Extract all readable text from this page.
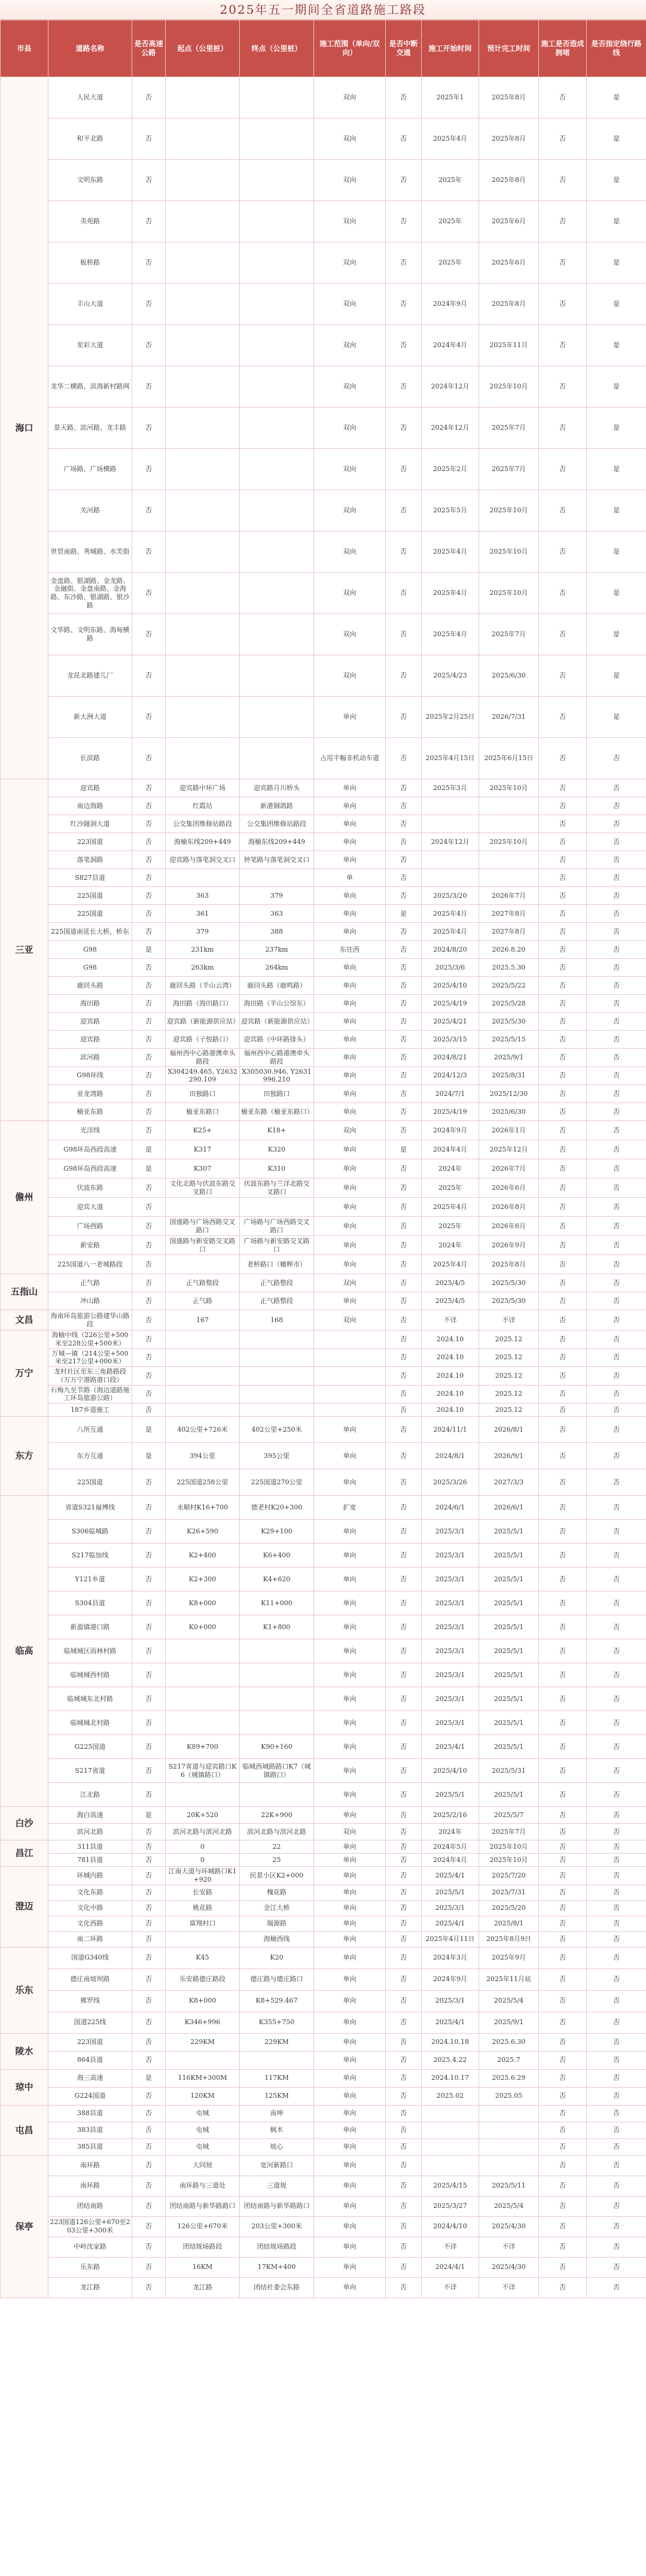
2025年五一期间全省道路施工路段
市县	道路名称	是否高速公路	起点（公里桩）	终点（公里桩）	施工范围（单向/双向）	是否中断交通	施工开始时间	预计完工时间	施工是否造成拥堵	是否指定绕行路线
海口	人民大道	否			双向	否	2025年1	2025年8月	否	是
	和平北路	否			双向	否	2025年4月	2025年8月	否	是
	文明东路	否			双向	否	2025年	2025年8月	否	是
	美苑路	否			双向	否	2025年	2025年6月	否	是
	板桥路	否			双向	否	2025年	2025年6月	否	是
	丰山大道	否			双向	否	2024年9月	2025年8月	否	是
	星彩大道	否			双向	否	2024年4月	2025年11月	否	是
	龙华二横路、滨海新村路网	否			双向	否	2024年12月	2025年10月	否	是
	景天路、滨河路、龙丰路	否			双向	否	2024年12月	2025年7月	否	是
	广场路、广场横路	否			双向	否	2025年2月	2025年7月	否	是
	关河路	否			双向	否	2025年5月	2025年10月	否	是
	世贸南路、秀城路、水芙街	否			双向	否	2025年4月	2025年10月	否	是
	金盘路、银湖路、金龙路、金融街、金盘南路、金海路、东沙路、银湖路、银沙路	否			双向	否	2025年4月	2025年10月	否	是
	文华路、文明东路、海甸横路	否			双向	否	2025年4月	2025年7月	否	是
	龙昆北路建儿厂	否			双向	否	2025/4/23	2025/6/30	否	是
	新大洲大道	否			单向	否	2025年2月25日	2026/7/31	否	是
	长滨路	否			占用半幅非机动车道	否	2025年4月15日	2025年6月15日	否	否
三亚	迎宾路	否	迎宾路中环广场	迎宾路月川桥头	单向	否	2025年3月	2025年10月	否	否
	南边海路	否	红霞站	新港铜鸽路	单向	否			否	否
	红沙隧洞大道	否	公交集团维修站路段	公交集团维修站路段	单向	否			否	否
	223国道	否	海榆东线209+449	海榆东线209+449	单向	否	2024年12月	2025年10月	否	否
	落笔洞路	否	迎宾路与落笔洞交叉口	钟笔路与落笔洞交叉口	单向	否			否	否
	S827县道	否			单	否			否	否
	225国道	否	363	379	单向	否	2025/3/20	2026年7月	否	否
	225国道	否	361	363	单向	是	2025年4月	2027年8月	否	否
	225国道南延长大桥、桥东	否	379	388	单向	否	2025年4月	2027年8月	否	否
	G98	是	231km	237km	东往西	否	2024/8/20	2026.8.20	否	否
	G98	否	263km	264km	单向	否	2025/3/6	2025.5.30	否	否
	鹿回头路	否	鹿回头路（半山云湾）	鹿回头路（鹿鸣路）	单向	否	2025/4/10	2025/5/22	否	否
	海田路	否	海田路（海田路口）	海田路（半山公馆东）	单向	否	2025/4/19	2025/5/28	否	否
	迎宾路	否	迎宾路（新能源供应站）	迎宾路（新能源供应站）	单向	否	2025/4/21	2025/5/30	否	否
	迎宾路	否	迎宾路（子悦路口）	迎宾路（中环路排头）	单向	否	2025/3/15	2025/5/15	否	否
	滨河路	否	福州西中心路港澳牵头路段	福州西中心路港澳牵头路段	单向	否	2024/8/21	2025/9/1	否	否
	G98环线	否	X304249.465, Y2632290.109	X305030.946, Y2631996.210	单向	否	2024/12/3	2025/8/31	否	否
	亚龙湾路	否	田独路口	田独路口	单向	否	2024/7/1	2025/12/30	否	否
	榆亚东路	否	榆亚东路口	榆亚东路（榆亚东路口）	单向	否	2025/4/19	2025/6/30	否	否
儋州	光洋线	否	K25+	K18+	双向	否	2024年9月	2026年1月	否	否
	G98环岛西段高速	是	K317	K320	单向	是	2024年4月	2025年12月	否	否
	G98环岛西段高速	是	K307	K310	单向	否	2024年	2026年7月	否	否
	伏波东路	否	文化北路与伏波东路交叉路口	伏波东路与兰洋北路交叉路口	单向	否	2025年	2026年6月	否	否
	迎宾大道	否			单向	否	2025年4月	2026年8月	否	否
	广场西路	否	国盛路与广场西路交叉路口	广场路与广场西路交叉路口	单向	否	2025年	2026年6月	否	否
	新安路	否	国盛路与新安路交叉路口	广场路与新安路交叉路口	单向	否	2024年	2026年9月	否	否
	225国道八一老城路段	否		老桥路口（橄榉市）	单向	否	2025年4月	2025年8月	否	否
五指山	正气路	否	正气路整段	正气路整段	双向	否	2025/4/5	2025/5/30	否	否
	冲山路	否	正气路	正气路整段	单向	否	2025/4/5	2025/5/30	否	否
文昌	海南环岛旅游公路建华山路段	否	167	168	双向	否	不详	不详	否	否
万宁	海榆中线（226公里+500米至228公里+500米）	否				否	2024.10	2025.12	否	否
	万城—镇（214公里+500米至217公里+000米）	否				否	2024.10	2025.12	否	否
	龙村社区至东三角路路段（万万宁港路港口段）	否				否	2024.10	2025.12	否	否
	石梅九至节路（海边道路施工环岛旅游公路）	否				否	2024.10	2025.12	否	否
	187乡道施工	否				否	2024.10	2025.12	否	否
东方	八所互通	是	402公里+726米	402公里+250米	单向	否	2024/11/1	2026/8/1	否	否
	东方互通	是	394公里	395公里	单向	否	2024/8/1	2026/9/1	否	否
	225国道	否	225国道258公里	225国道270公里	单向	否	2025/3/26	2027/3/3	否	否
临高	省道S321福博线	否	永顺村K16+700	德老村K20+300	扩宽	否	2024/6/1	2026/6/1	否	否
	S306临城路	否	K26+590	K29+100	单向	否	2025/3/1	2025/5/1	否	否
	S217临加线	否	K2+400	K6+400	单向	否	2025/3/1	2025/5/1	否	否
	Y121乡道	否	K2+300	K4+620	单向	否	2025/3/1	2025/5/1	否	否
	S304县道	否	K8+000	K11+000	单向	否	2025/3/1	2025/5/1	否	否
	新盈镇港口路	否	K0+000	K1+800	单向	否	2025/3/1	2025/5/1	否	否
	临城城区雨林村路	否			单向	否	2025/3/1	2025/5/1	否	否
	临城城西村路	否			单向	否	2025/3/1	2025/5/1	否	否
	临城城东北村路	否			单向	否	2025/3/1	2025/5/1	否	否
	临城城北村路	否			单向	否	2025/3/1	2025/5/1	否	否
	G225国道	否	K89+700	K90+160	单向	否	2025/4/1	2025/5/1	否	否
	S217省道	否	S217省道与迎宾路口K6（城镇路口）	临城西城路路口K7（城镇路口）	单向	否	2025/4/10	2025/5/31	否	否
	江北路	否			单向	否	2025/5/1	2025/5/1	否	否
白沙	海白高速	是	20K+520	22K+900	单向	否	2025/2/16	2025/5/7	否	否
	滨河北路	否	滨河北路与滨河北路	滨河北路与滨河北路	双向	否	2024年	2025年7月	否	否
昌江	311县道	否	0	22	单向	否	2024年5月	2025年10月	否	否
	781县道	否	0	25	单向	否	2024年4月	2025年10月	否	否
澄迈	环城内路	否	江南大道与环城路口K1+920	民景小区K2+000	单向	否	2025/4/1	2025/7/20	否	否
	文化东路	否	长安路	槐花路	单向	否	2025/5/1	2025/7/31	否	否
	文化中路	否	桃花路	金江大桥	单向	否	2025/3/1	2025/5/20	否	否
	文化西路	否	富翔村口	瑞源路	单向	否	2025/4/1	2025/8/1	否	否
	南二环路	否		海榆西线	单向	否	2025年4月11日	2025年8月9日	否	否
乐东	国道G340线	否	K45	K20	单向	否	2024年3月	2025年9月	否	否
	德庄南坡坝路	否	乐安路德庄路段	德庄路与德庄路口	单向	否	2024年9月	2025年11月底	否	否
	佛罗线	否	K8+000	K8+529.467	单向	否	2025/3/1	2025/5/4	否	否
	国道225线	否	K346+996	K355+750	单向	否	2025/4/1	2025/9/1	否	否
陵水	223国道	否	229KM	229KM	单向	否	2024.10.18	2025.6.30	否	否
	864县道	否			单向	否	2025.4.22	2025.7	否	否
琼中	海三高速	是	116KM+300M	117KM	单向	否	2024.10.17	2025.6.29	否	否
	G224国道	否	120KM	125KM	单向	否	2025.02	2025.05	否	否
屯昌	388县道	否	屯城	南坤	单向	否			否	否
	383县道	否	屯城	枫木	单向	否			否	否
	385县道	否	屯城	坡心	单向	否			否	否
保亭	南环路	否	大同规	宽河新路口	单向	否			否	否
	南环路	否	南环路与三道处	三道规	单向	否	2025/4/15	2025/5/11	否	否
	团结南路	否	团结南路与新华路路口	团结南路与新华路路口	单向	否	2025/3/27	2025/5/4	否	否
	223国道126公里+670至203公里+300米	否	126公里+670米	203公里+300米	单向	否	2024/4/10	2025/4/30	否	否
	中岭沈家路	否	团结规场路段	团结规场路段	单向	否	不详	不详	否	否
	乐东路	否	16KM	17KM+400	单向	否	2024/4/1	2025/4/30	否	否
	龙江路	否	龙江路	团结社委会东路	单向	否	不详	不详	否	否
